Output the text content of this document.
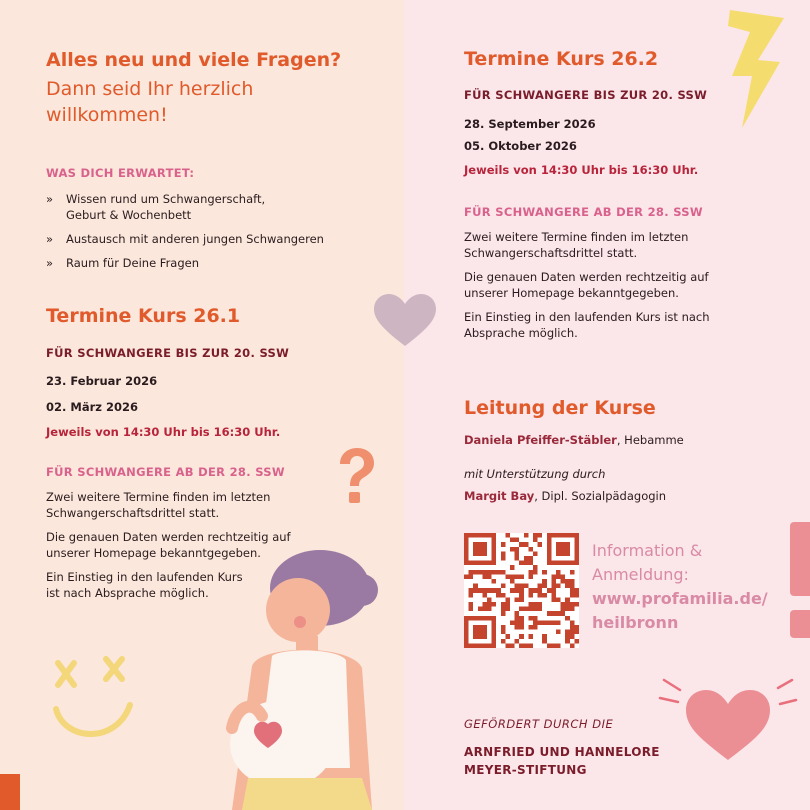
Alles neu und viele Fragen?
Dann seid Ihr herzlich
willkommen!
WAS DICH ERWARTET:
» Wissen rund um Schwangerschaft,
Geburt & Wochenbett
» Austausch mit anderen jungen Schwangeren
» Raum für Deine Fragen
Termine Kurs 26.1
FÜR SCHWANGERE BIS ZUR 20. SSW
23. Februar 2026
02. März 2026
Jeweils von 14:30 Uhr bis 16:30 Uhr.
FÜR SCHWANGERE AB DER 28. SSW

Zwei weitere Termine finden im letzten

Schwangerschaftsdrittel statt.

Die genauen Daten werden rechtzeitig auf

unserer Homepage bekanntgegeben.

Ein Einstieg in den laufenden Kurs

ist nach Absprache möglich.

Termine Kurs 26.2
FÜR SCHWANGERE BIS ZUR 20. SSW
28. September 2026
05. Oktober 2026
Jeweils von 14:30 Uhr bis 16:30 Uhr.
FÜR SCHWANGERE AB DER 28. SSW

Zwei weitere Termine finden im letzten

Schwangerschaftsdrittel statt.

Die genauen Daten werden rechtzeitig auf

unserer Homepage bekanntgegeben.

Ein Einstieg in den laufenden Kurs ist nach

Absprache möglich.

Leitung der Kurse
Daniela Pfeiffer-Stäbler, Hebamme
mit Unterstützung durch
Margit Bay, Dipl. Sozialpädagogin
Information &
Anmeldung:
www.profamilia.de/
heilbronn
GEFÖRDERT DURCH DIE
ARNFRIED UND HANNELORE
MEYER-STIFTUNG
